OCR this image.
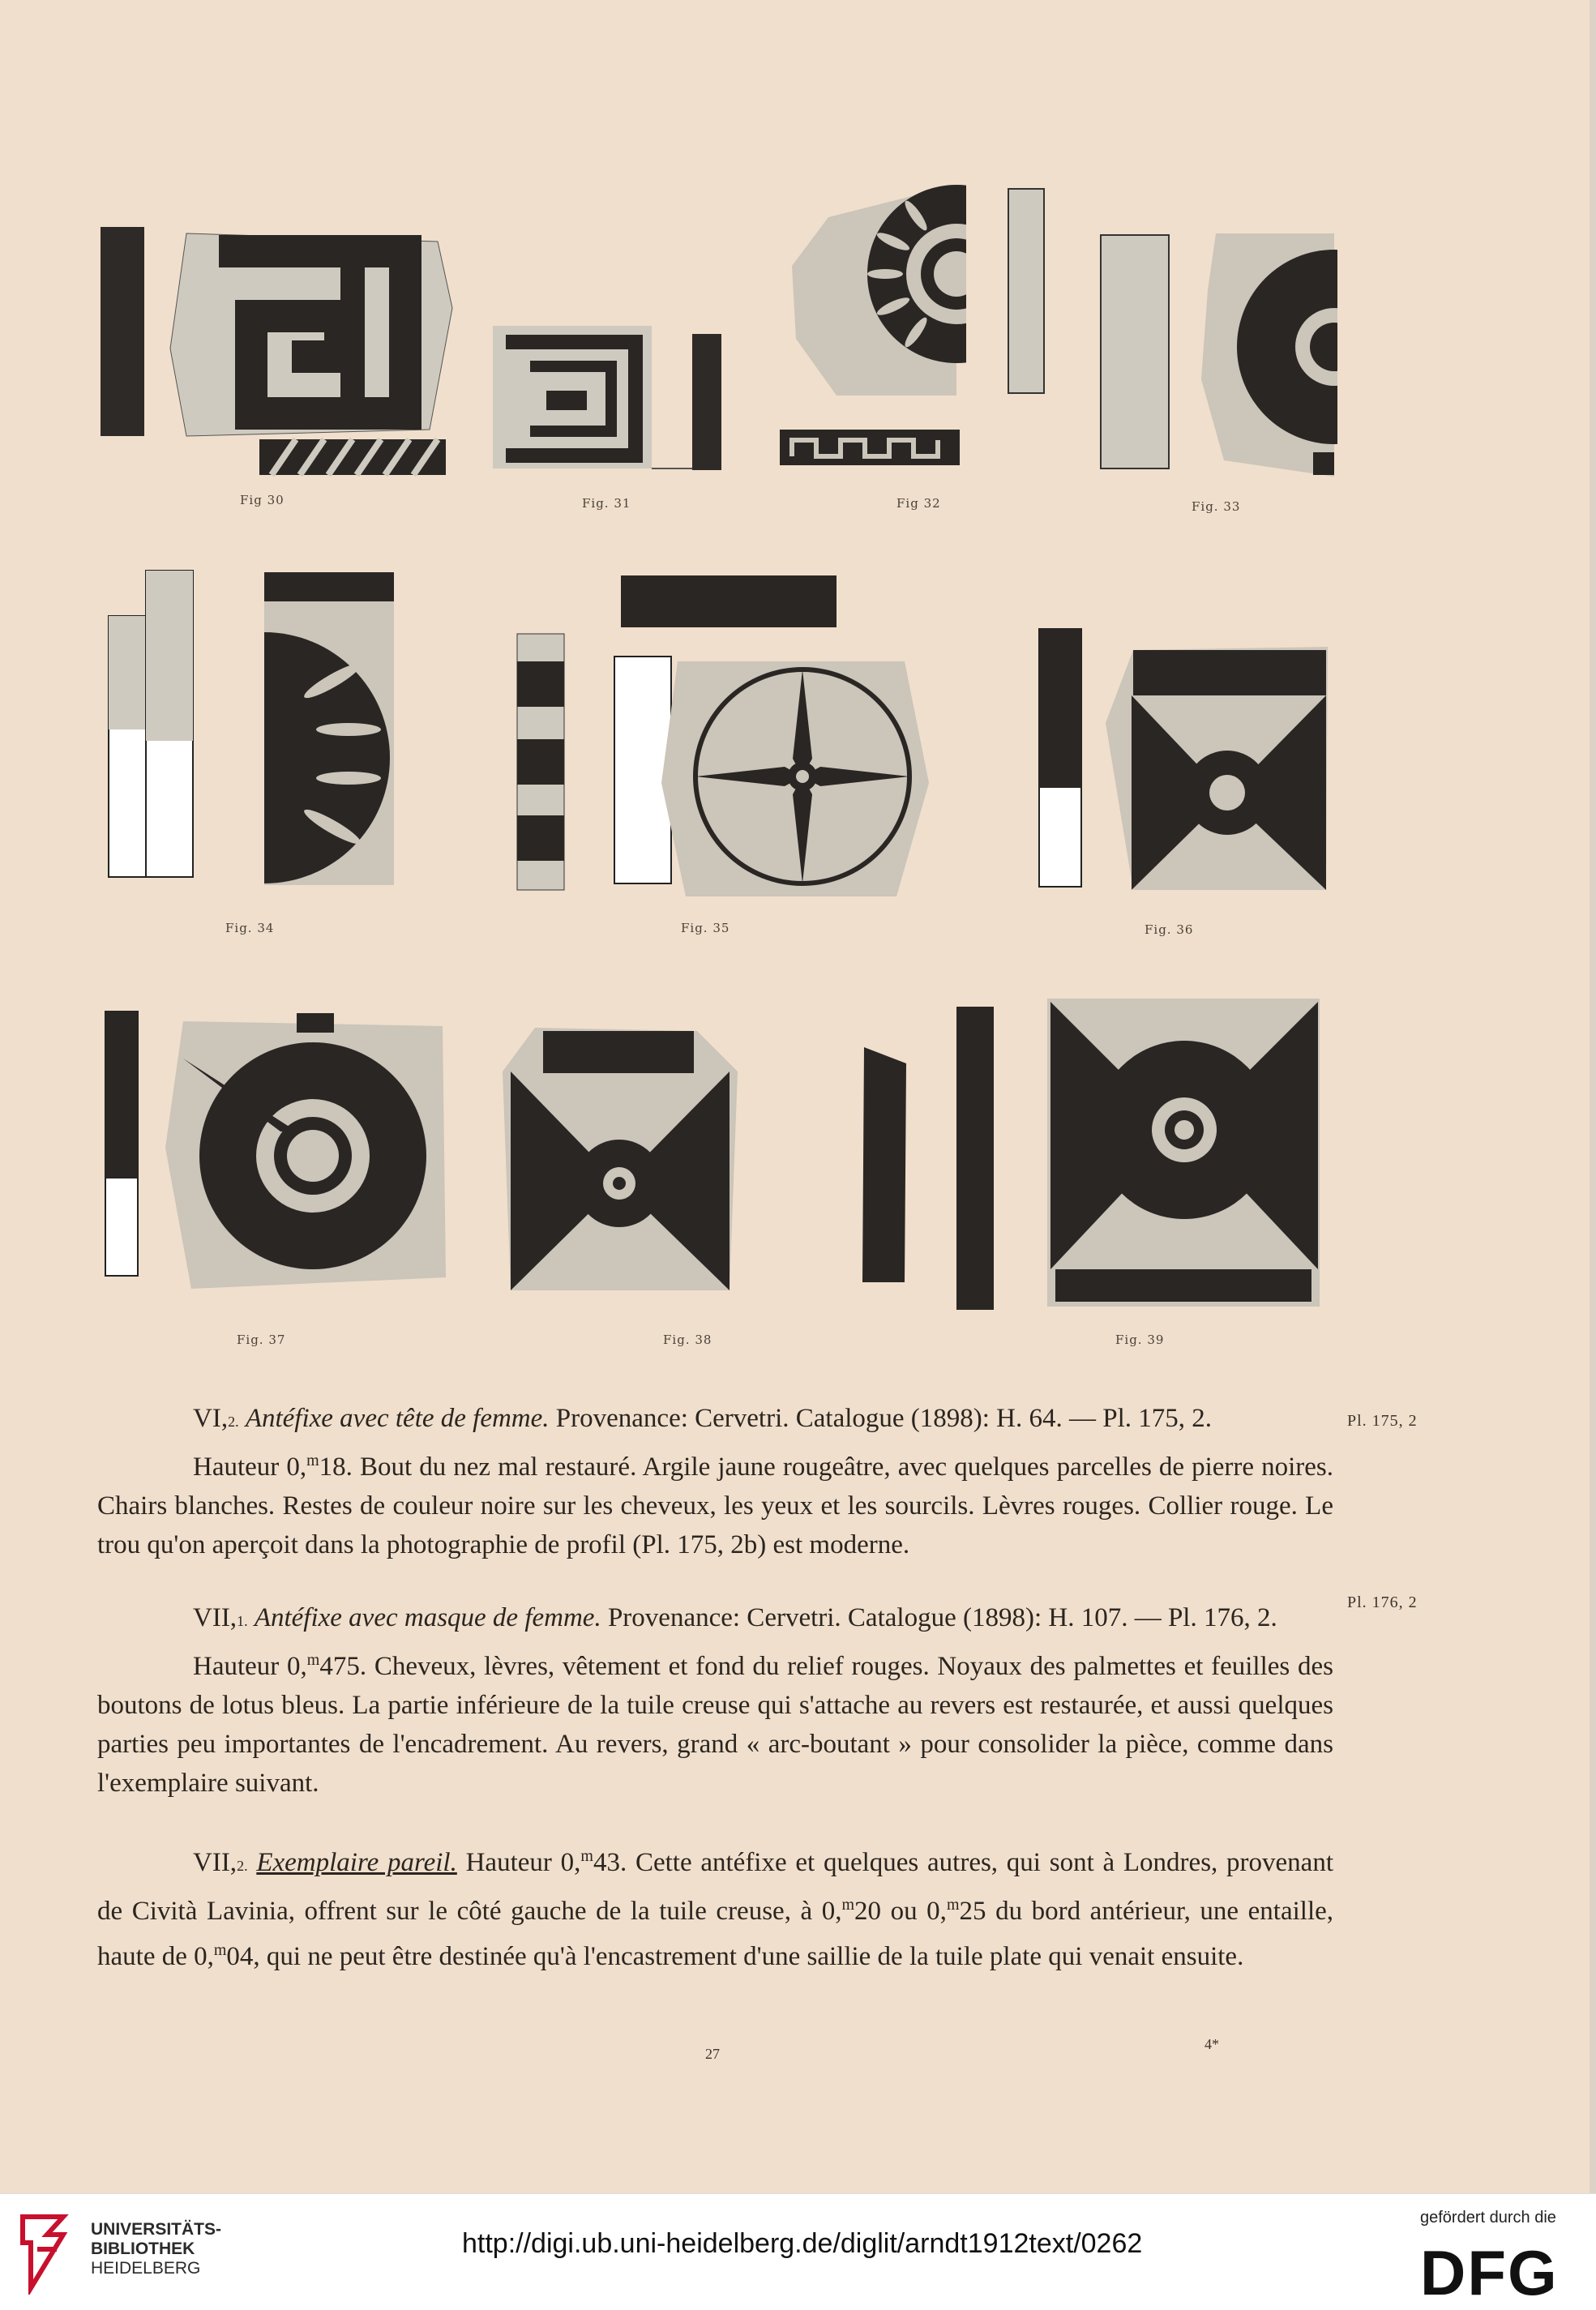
Fig 30	Fig. 31	Fig 32	Fig. 33
Fig. 34	Fig. 35	Fig. 36
Fig. 37	Fig. 38	Fig. 39
Pl. 175, 2
Pl. 176, 2

VI,2. Antéfixe avec tête de femme. Provenance: Cervetri. Catalogue (1898): H. 64. — Pl. 175, 2.
Hauteur 0,$^m$18. Bout du nez mal restauré. Argile jaune rougeâtre, avec quelques parcelles de pierre noires. Chairs blanches. Restes de couleur noire sur les cheveux, les yeux et les sourcils. Lèvres rouges. Collier rouge. Le trou qu'on aperçoit dans la photographie de profil (Pl. 175, 2b) est moderne.

VII,1. Antéfixe avec masque de femme. Provenance: Cervetri. Catalogue (1898): H. 107. — Pl. 176, 2.
Hauteur 0,$^m$475. Cheveux, lèvres, vêtement et fond du relief rouges. Noyaux des palmettes et feuilles des boutons de lotus bleus. La partie inférieure de la tuile creuse qui s'attache au revers est restaurée, et aussi quelques parties peu importantes de l'encadrement. Au revers, grand « arc-boutant » pour consolider la pièce, comme dans l'exemplaire suivant.

VII,2. Exemplaire pareil. Hauteur 0,$^m$43. Cette antéfixe et quelques autres, qui sont à Londres, provenant de Cività Lavinia, offrent sur le côté gauche de la tuile creuse, à 0,$^m$20 ou 0,$^m$25 du bord antérieur, une entaille, haute de 0,$^m$04, qui ne peut être destinée qu'à l'encastrement d'une saillie de la tuile plate qui venait ensuite.

27
4*
UNIVERSITÄTS-
BIBLIOTHEK
HEIDELBERG
http://digi.ub.uni-heidelberg.de/diglit/arndt1912text/0262
gefördert durch die
DFG
